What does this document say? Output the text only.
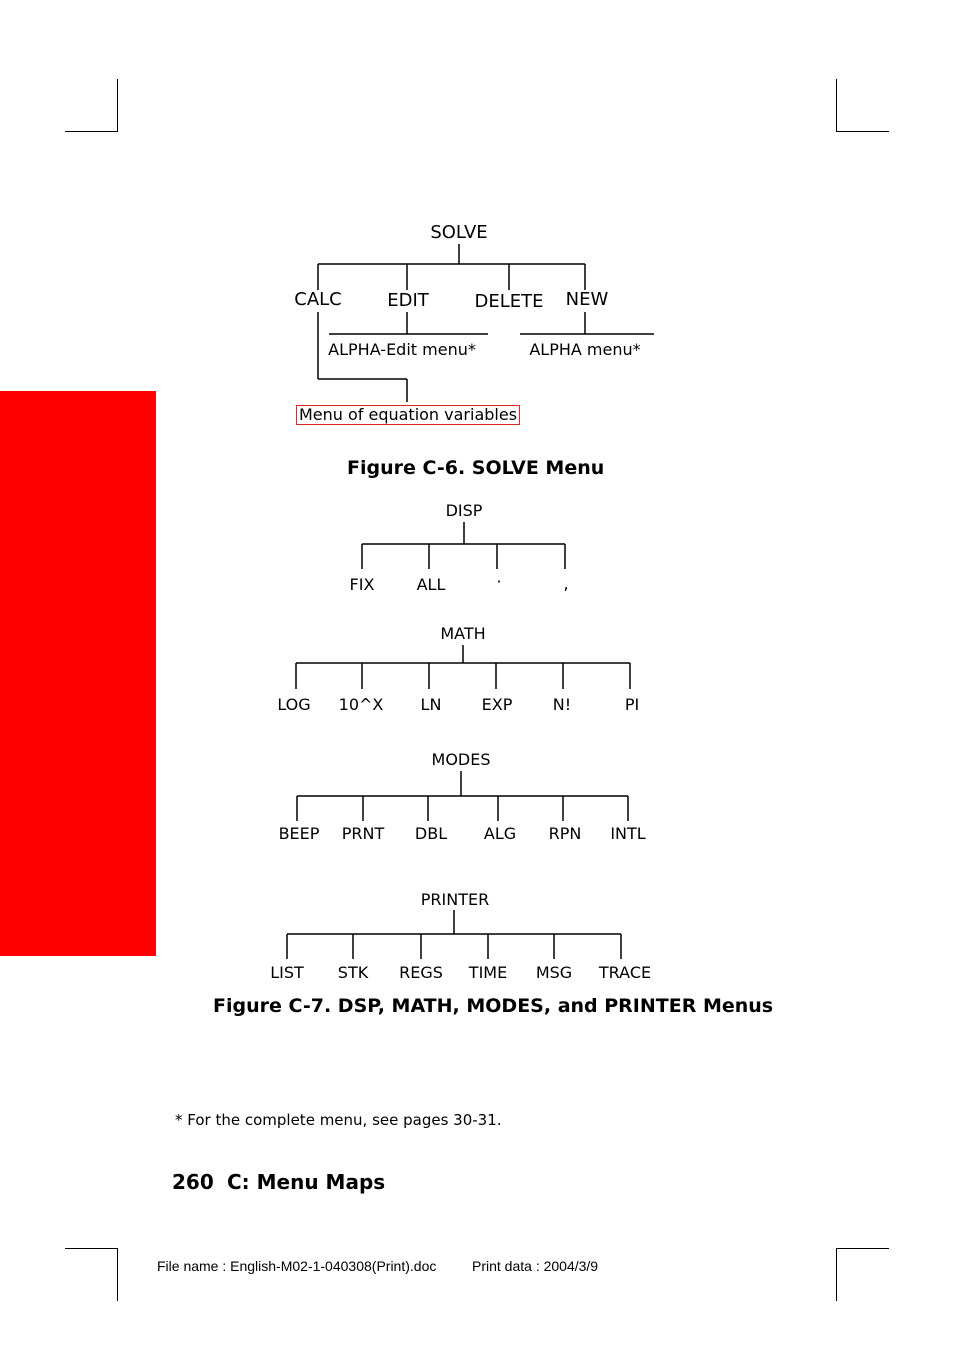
SOLVE
CALC	EDIT	DELETE NEW
ALPHA-Edit menu*	ALPHA menu*
Menu of equation variables
Figure C-6. SOLVE Menu
DISP
FIX	ALL	·	,
MATH
LOG 10^X LN	EXP	N!	PI
MODES
BEEP PRNT DBL ALG RPN INTL
PRINTER
LIST STK REGS TIME MSG TRACE
Figure C-7. DSP, MATH, MODES, and PRINTER Menus
* For the complete menu, see pages 30-31.
260 C: Menu Maps
File name : English-M02-1-040308(Print).doc	Print data : 2004/3/9
